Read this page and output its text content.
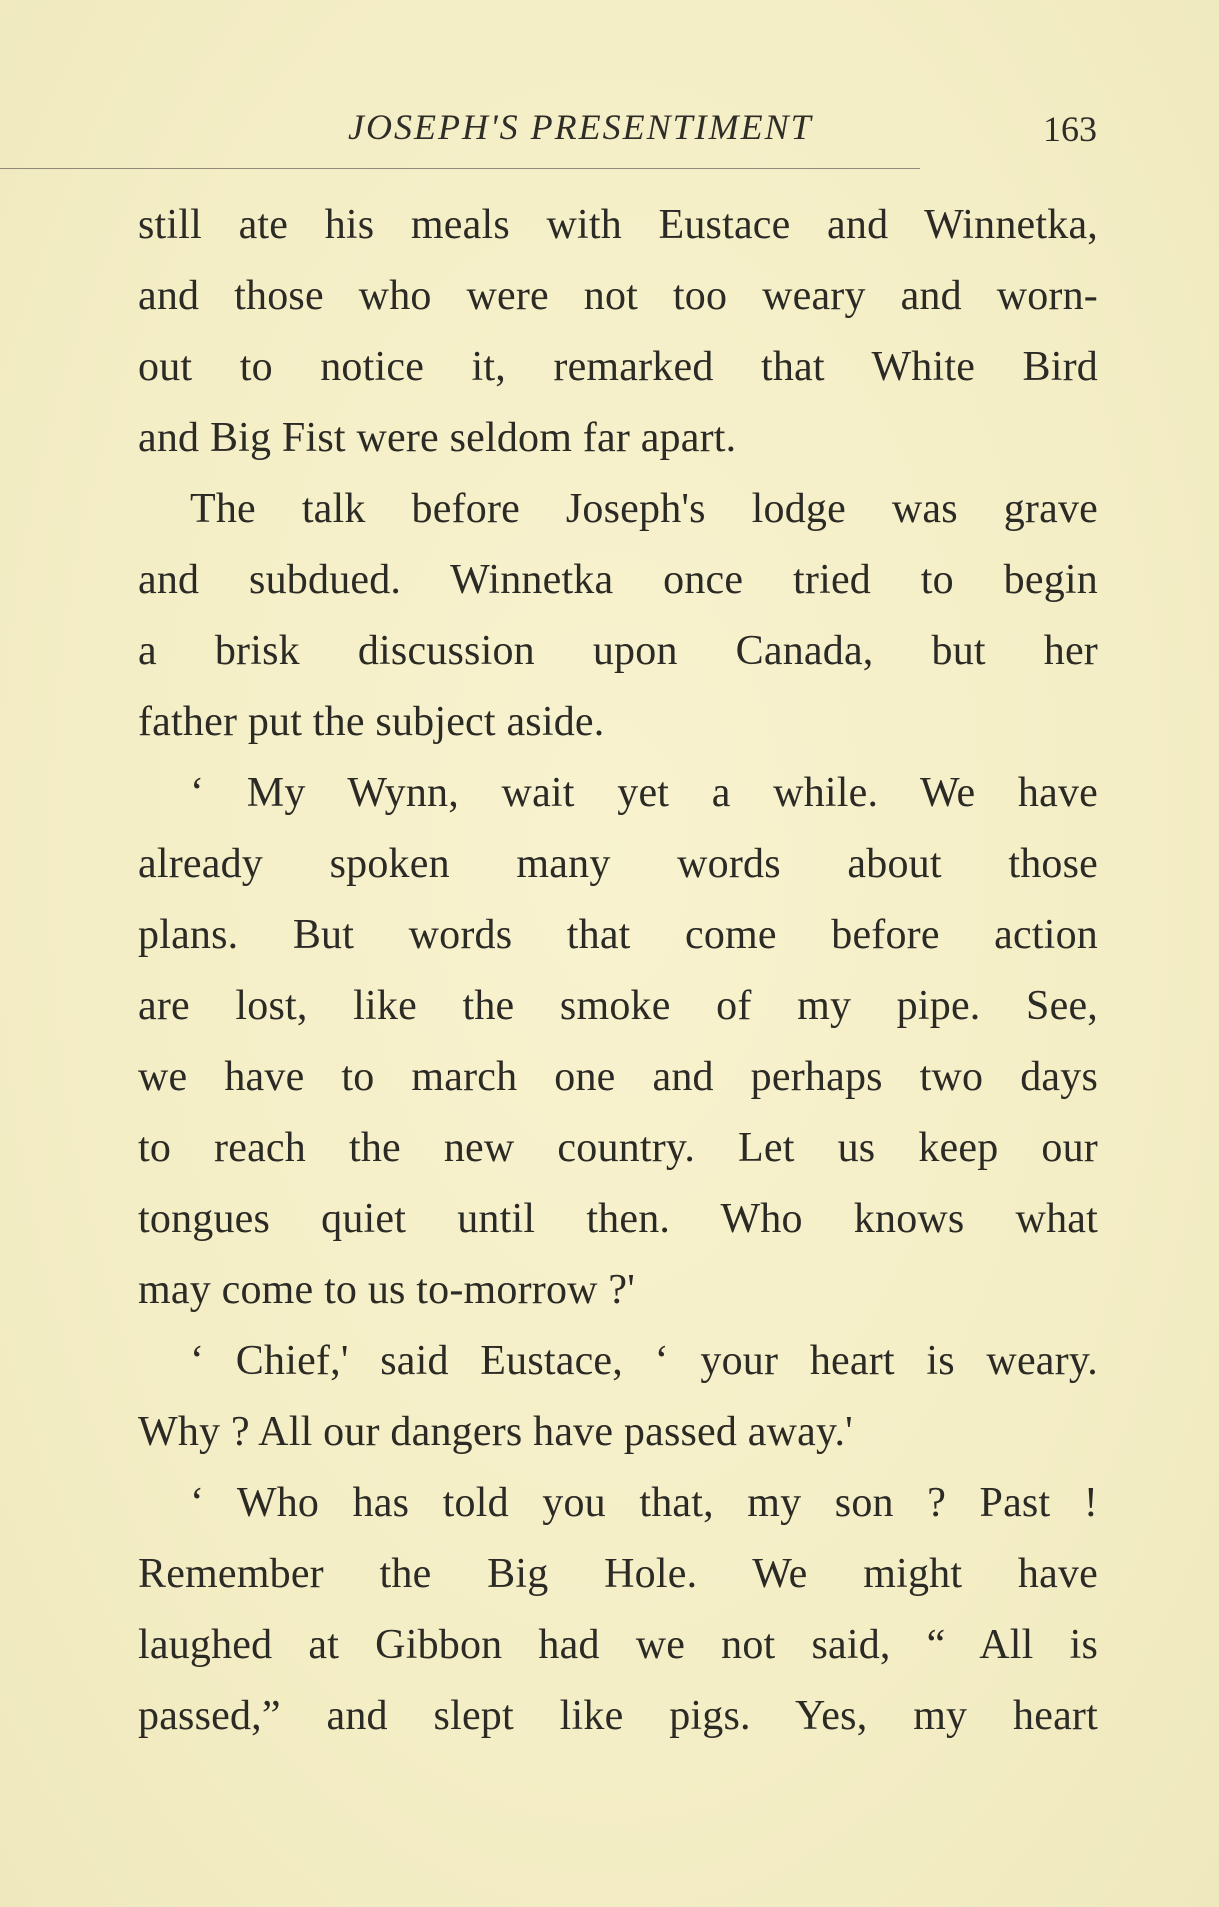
JOSEPH'S PRESENTIMENT	163
still ate his meals with Eustace and Winnetka,
and those who were not too weary and worn-
out to notice it, remarked that White Bird
and Big Fist were seldom far apart.
The talk before Joseph's lodge was grave
and subdued. Winnetka once tried to begin
a brisk discussion upon Canada, but her
father put the subject aside.
‘ My Wynn, wait yet a while. We have
already spoken many words about those
plans. But words that come before action
are lost, like the smoke of my pipe. See,
we have to march one and perhaps two days
to reach the new country. Let us keep our
tongues quiet until then. Who knows what
may come to us to-morrow ?'
‘ Chief,' said Eustace, ‘ your heart is weary.
Why ? All our dangers have passed away.'
‘ Who has told you that, my son ? Past !
Remember the Big Hole. We might have
laughed at Gibbon had we not said, “ All is
passed,” and slept like pigs. Yes, my heart
